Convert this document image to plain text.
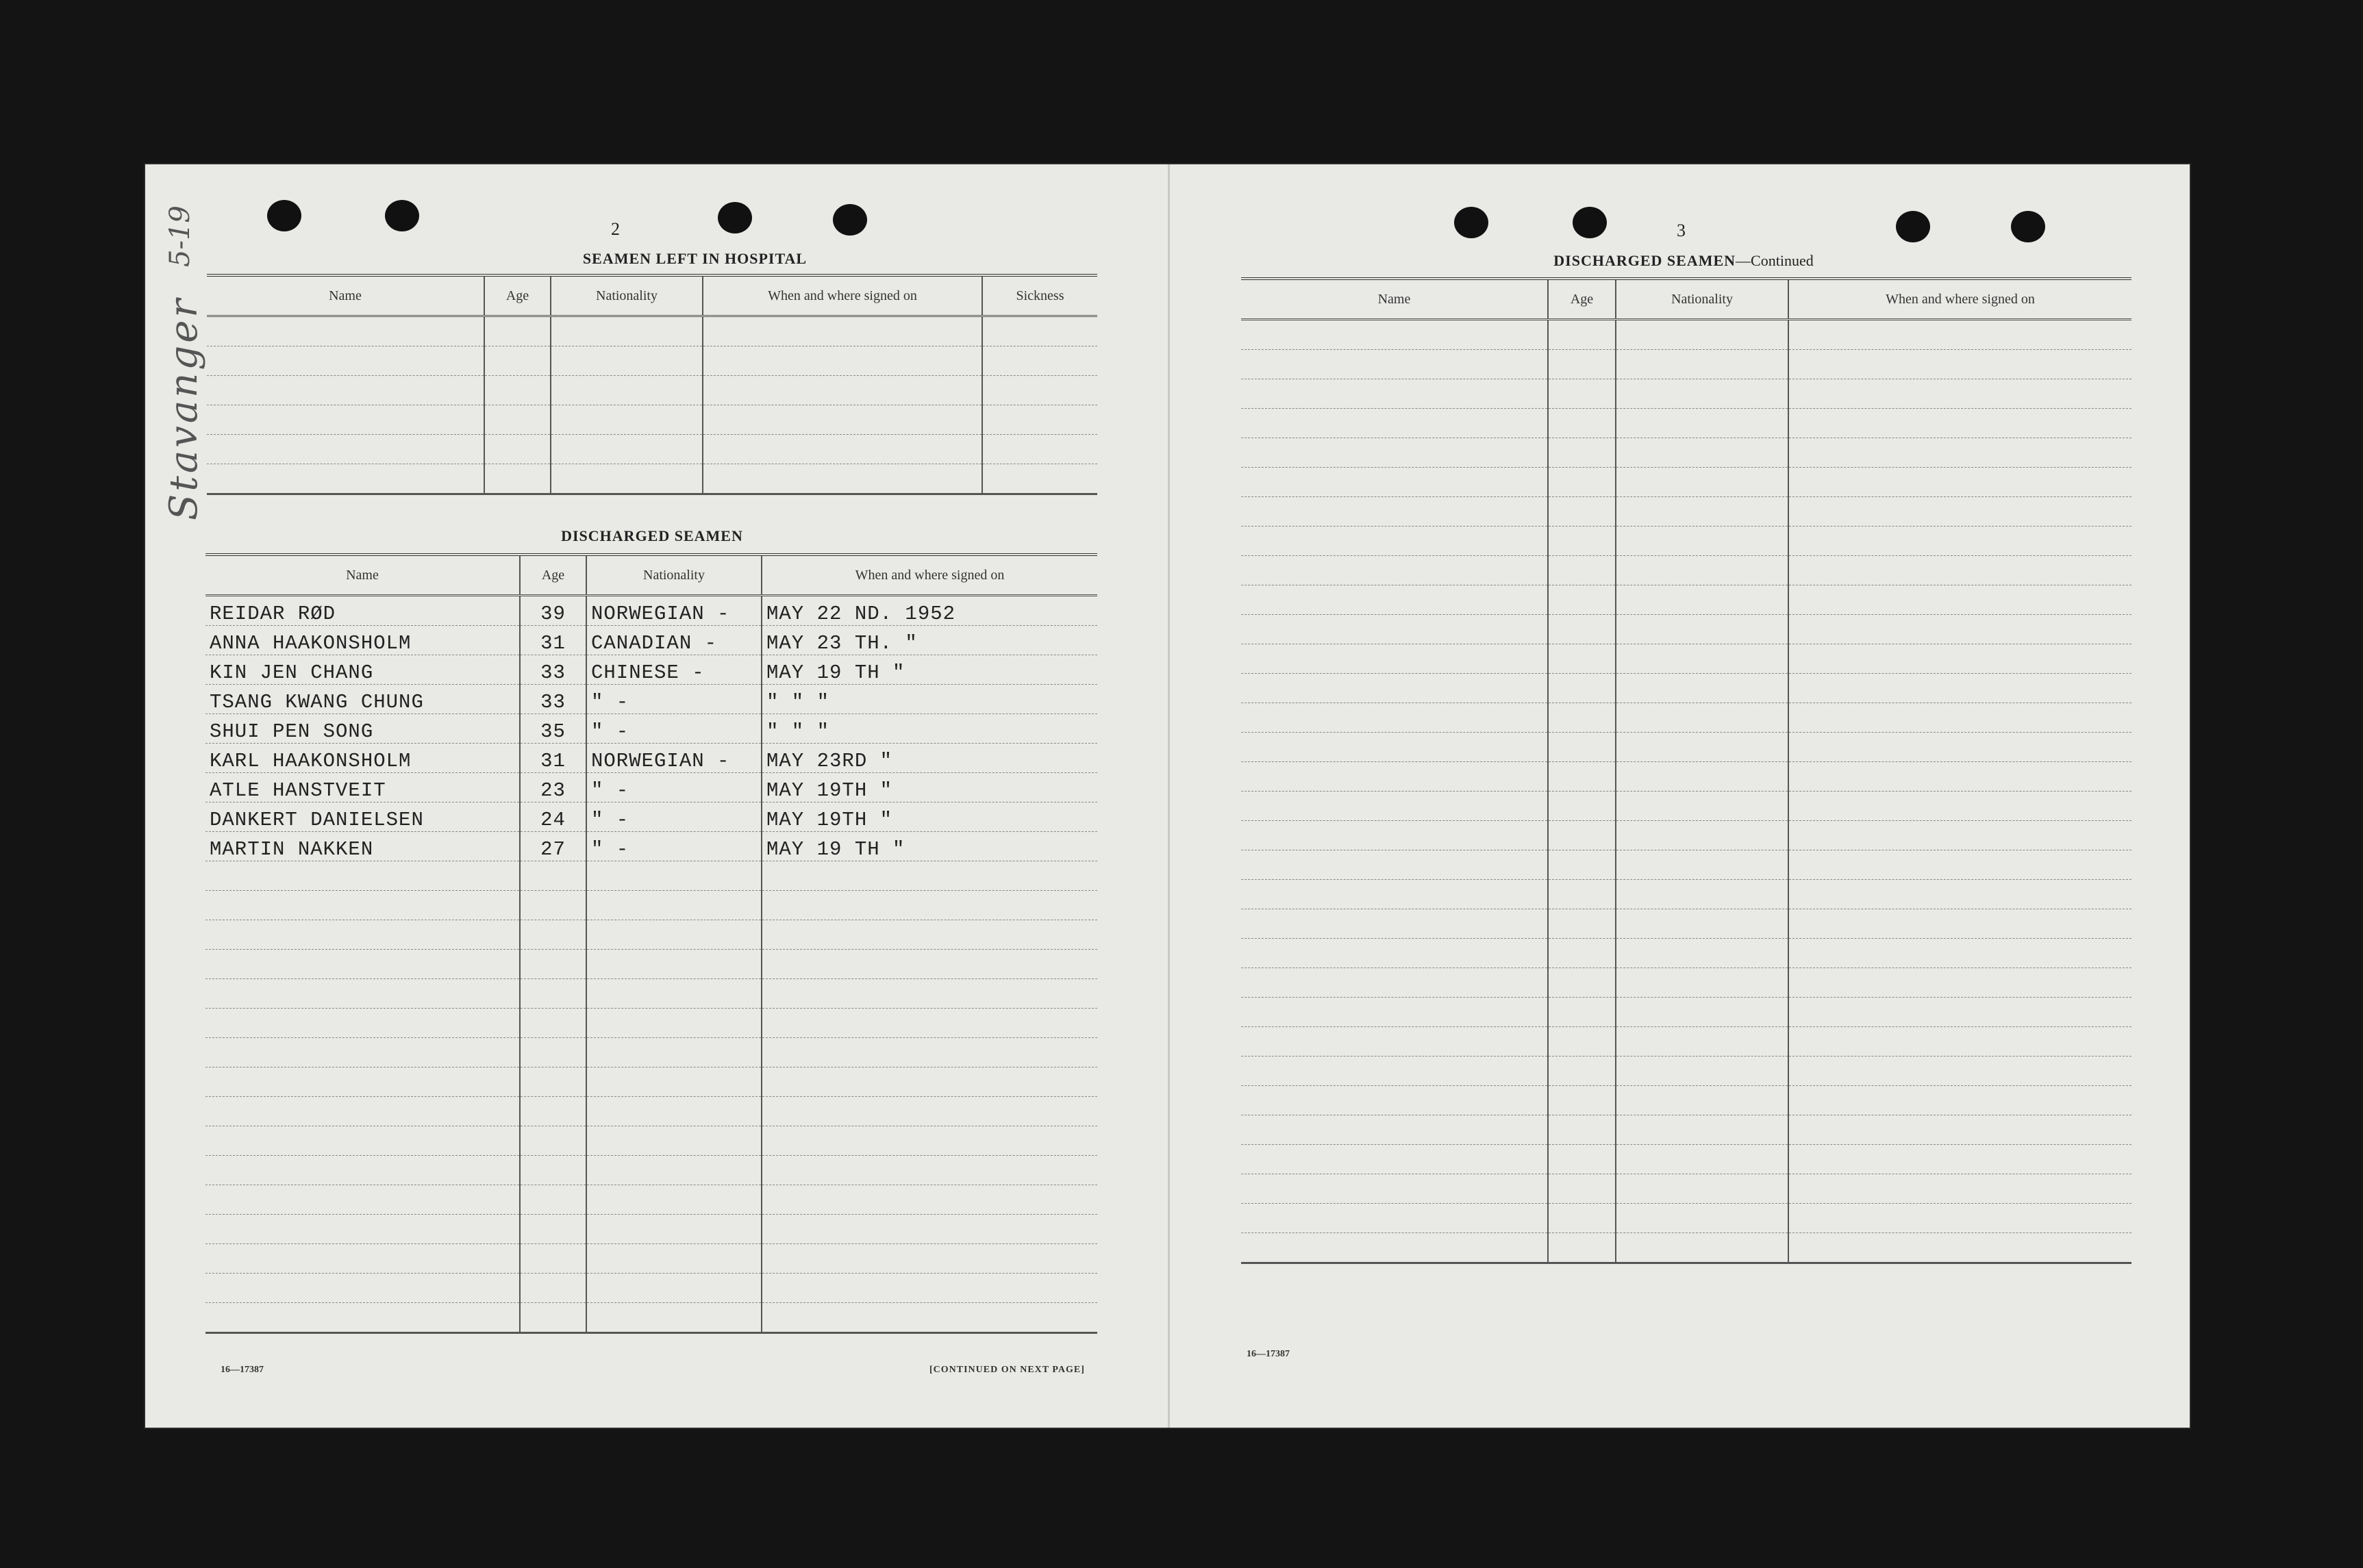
5-19
Stavanger
2
SEAMEN LEFT IN HOSPITAL
Name	Age	Nationality	When and where signed on	Sickness

DISCHARGED SEAMEN
Name	Age	Nationality	When and where signed on
REIDAR RØD	39	NORWEGIAN -	MAY 22 ND. 1952
ANNA HAAKONSHOLM	31	CANADIAN -	MAY 23 TH. "
KIN JEN CHANG	33	CHINESE -	MAY 19 TH "
TSANG KWANG CHUNG	33	" -	" " "
SHUI PEN SONG	35	" -	" " "
KARL HAAKONSHOLM	31	NORWEGIAN -	MAY 23RD "
ATLE HANSTVEIT	23	" -	MAY 19TH "
DANKERT DANIELSEN	24	" -	MAY 19TH "
MARTIN NAKKEN	27	" -	MAY 19 TH "

16—17387	[CONTINUED ON NEXT PAGE]
3
DISCHARGED SEAMEN—Continued
Name	Age	Nationality	When and where signed on

16—17387
